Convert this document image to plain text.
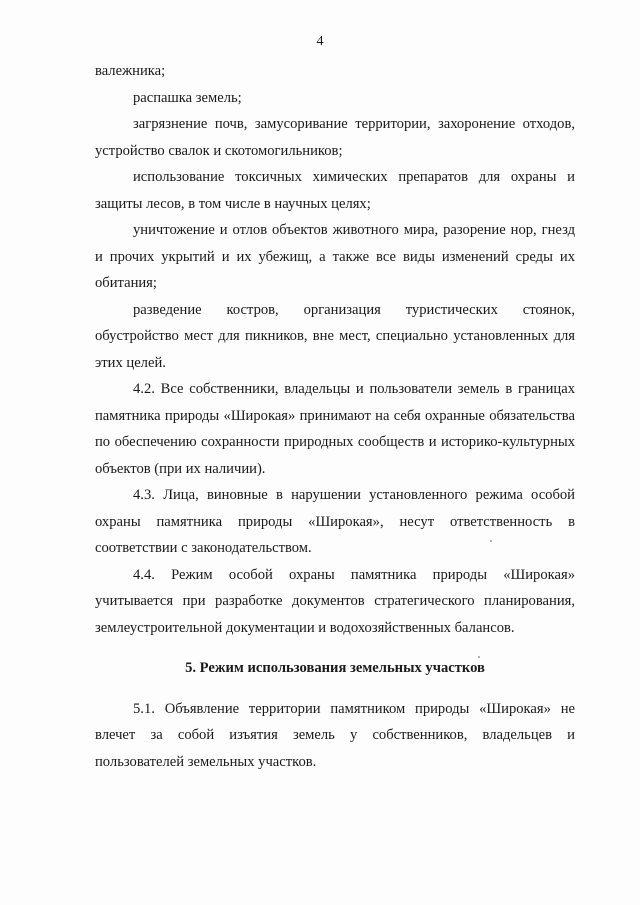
4

валежника;

распашка земель;

загрязнение почв, замусоривание территории, захоронение отходов, устройство свалок и скотомогильников;

использование токсичных химических препаратов для охраны и защиты лесов, в том числе в научных целях;

уничтожение и отлов объектов животного мира, разорение нор, гнезд и прочих укрытий и их убежищ, а также все виды изменений среды их обитания;

разведение костров, организация туристических стоянок, обустройство мест для пикников, вне мест, специально установленных для этих целей.

4.2. Все собственники, владельцы и пользователи земель в границах памятника природы «Широкая» принимают на себя охранные обязательства по обеспечению сохранности природных сообществ и историко-культурных объектов (при их наличии).

4.3. Лица, виновные в нарушении установленного режима особой охраны памятника природы «Широкая», несут ответственность в соответствии с законодательством.

4.4. Режим особой охраны памятника природы «Широкая» учитывается при разработке документов стратегического планирования, землеустроительной документации и водохозяйственных балансов.

5. Режим использования земельных участков

5.1. Объявление территории памятником природы «Широкая» не влечет за собой изъятия земель у собственников, владельцев и пользователей земельных участков.
